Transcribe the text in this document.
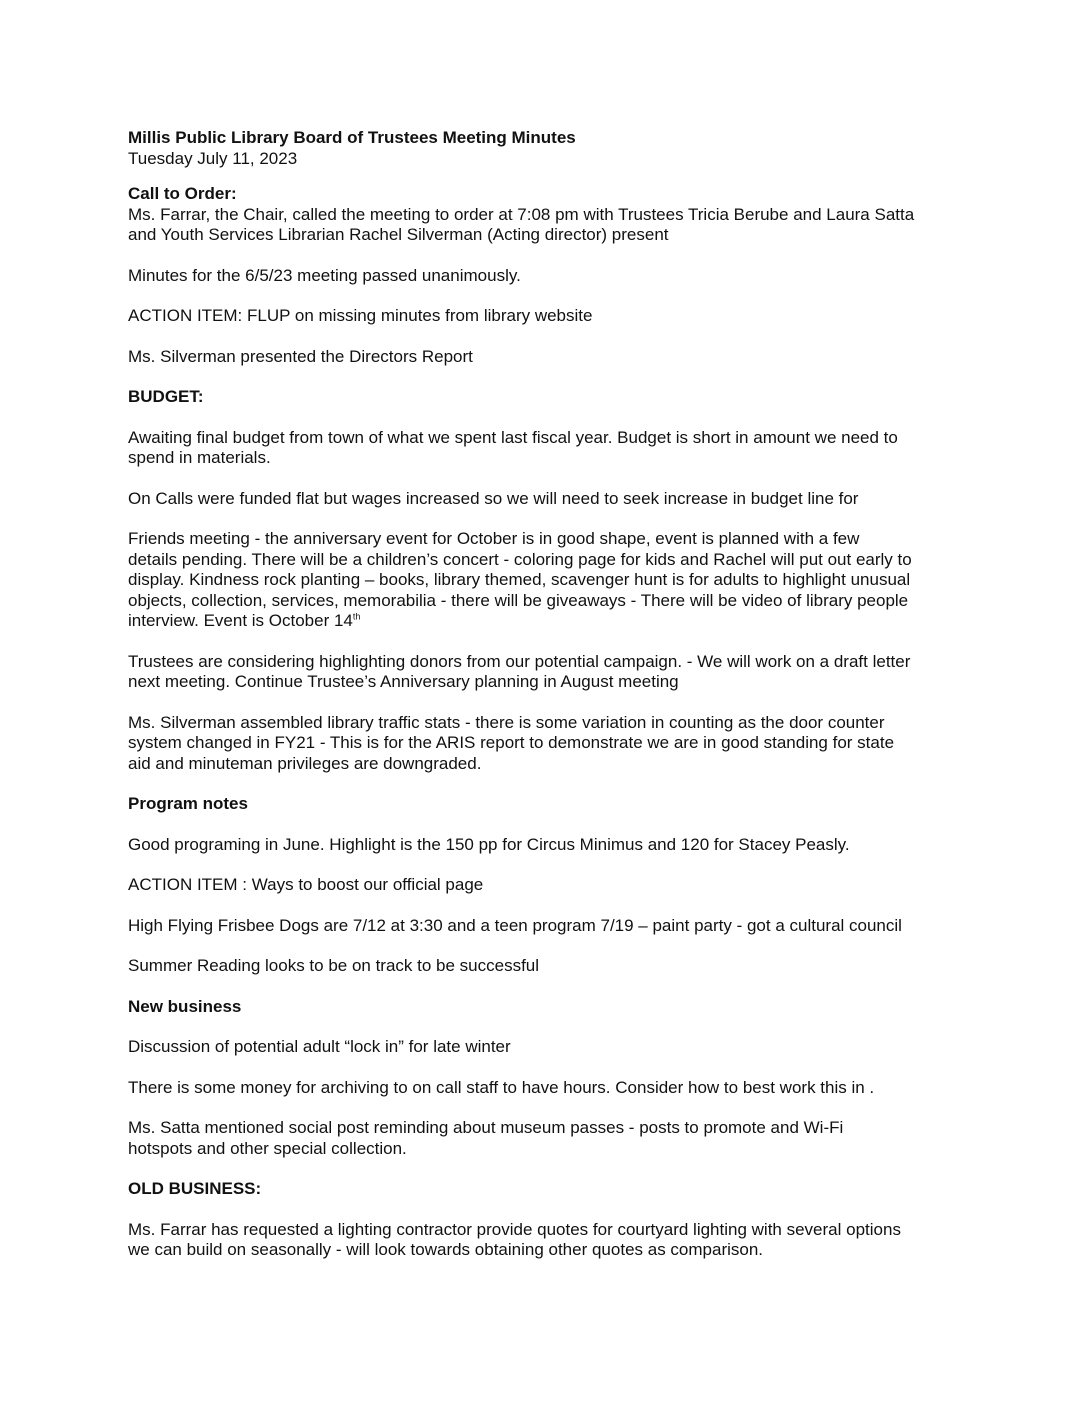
Millis Public Library Board of Trustees Meeting Minutes
Tuesday July 11, 2023
Call to Order:
Ms. Farrar, the Chair, called the meeting to order at 7:08 pm with Trustees Tricia Berube and Laura Satta
and Youth Services Librarian Rachel Silverman (Acting director) present
Minutes for the 6/5/23 meeting passed unanimously.
ACTION ITEM: FLUP on missing minutes from library website
Ms. Silverman presented the Directors Report
BUDGET:
Awaiting final budget from town of what we spent last fiscal year. Budget is short in amount we need to
spend in materials.
On Calls were funded flat but wages increased so we will need to seek increase in budget line for
Friends meeting - the anniversary event for October is in good shape, event is planned with a few
details pending. There will be a children’s concert - coloring page for kids and Rachel will put out early to
display. Kindness rock planting – books, library themed, scavenger hunt is for adults to highlight unusual
objects, collection, services, memorabilia - there will be giveaways - There will be video of library people
interview. Event is October 14th
Trustees are considering highlighting donors from our potential campaign. - We will work on a draft letter
next meeting. Continue Trustee’s Anniversary planning in August meeting
Ms. Silverman assembled library traffic stats - there is some variation in counting as the door counter
system changed in FY21 - This is for the ARIS report to demonstrate we are in good standing for state
aid and minuteman privileges are downgraded.
Program notes
Good programing in June. Highlight is the 150 pp for Circus Minimus and 120 for Stacey Peasly.
ACTION ITEM : Ways to boost our official page
High Flying Frisbee Dogs are 7/12 at 3:30 and a teen program 7/19 – paint party - got a cultural council
Summer Reading looks to be on track to be successful
New business
Discussion of potential adult “lock in” for late winter
There is some money for archiving to on call staff to have hours. Consider how to best work this in .
Ms. Satta mentioned social post reminding about museum passes - posts to promote and Wi-Fi
hotspots and other special collection.
OLD BUSINESS:
Ms. Farrar has requested a lighting contractor provide quotes for courtyard lighting with several options
we can build on seasonally - will look towards obtaining other quotes as comparison.
